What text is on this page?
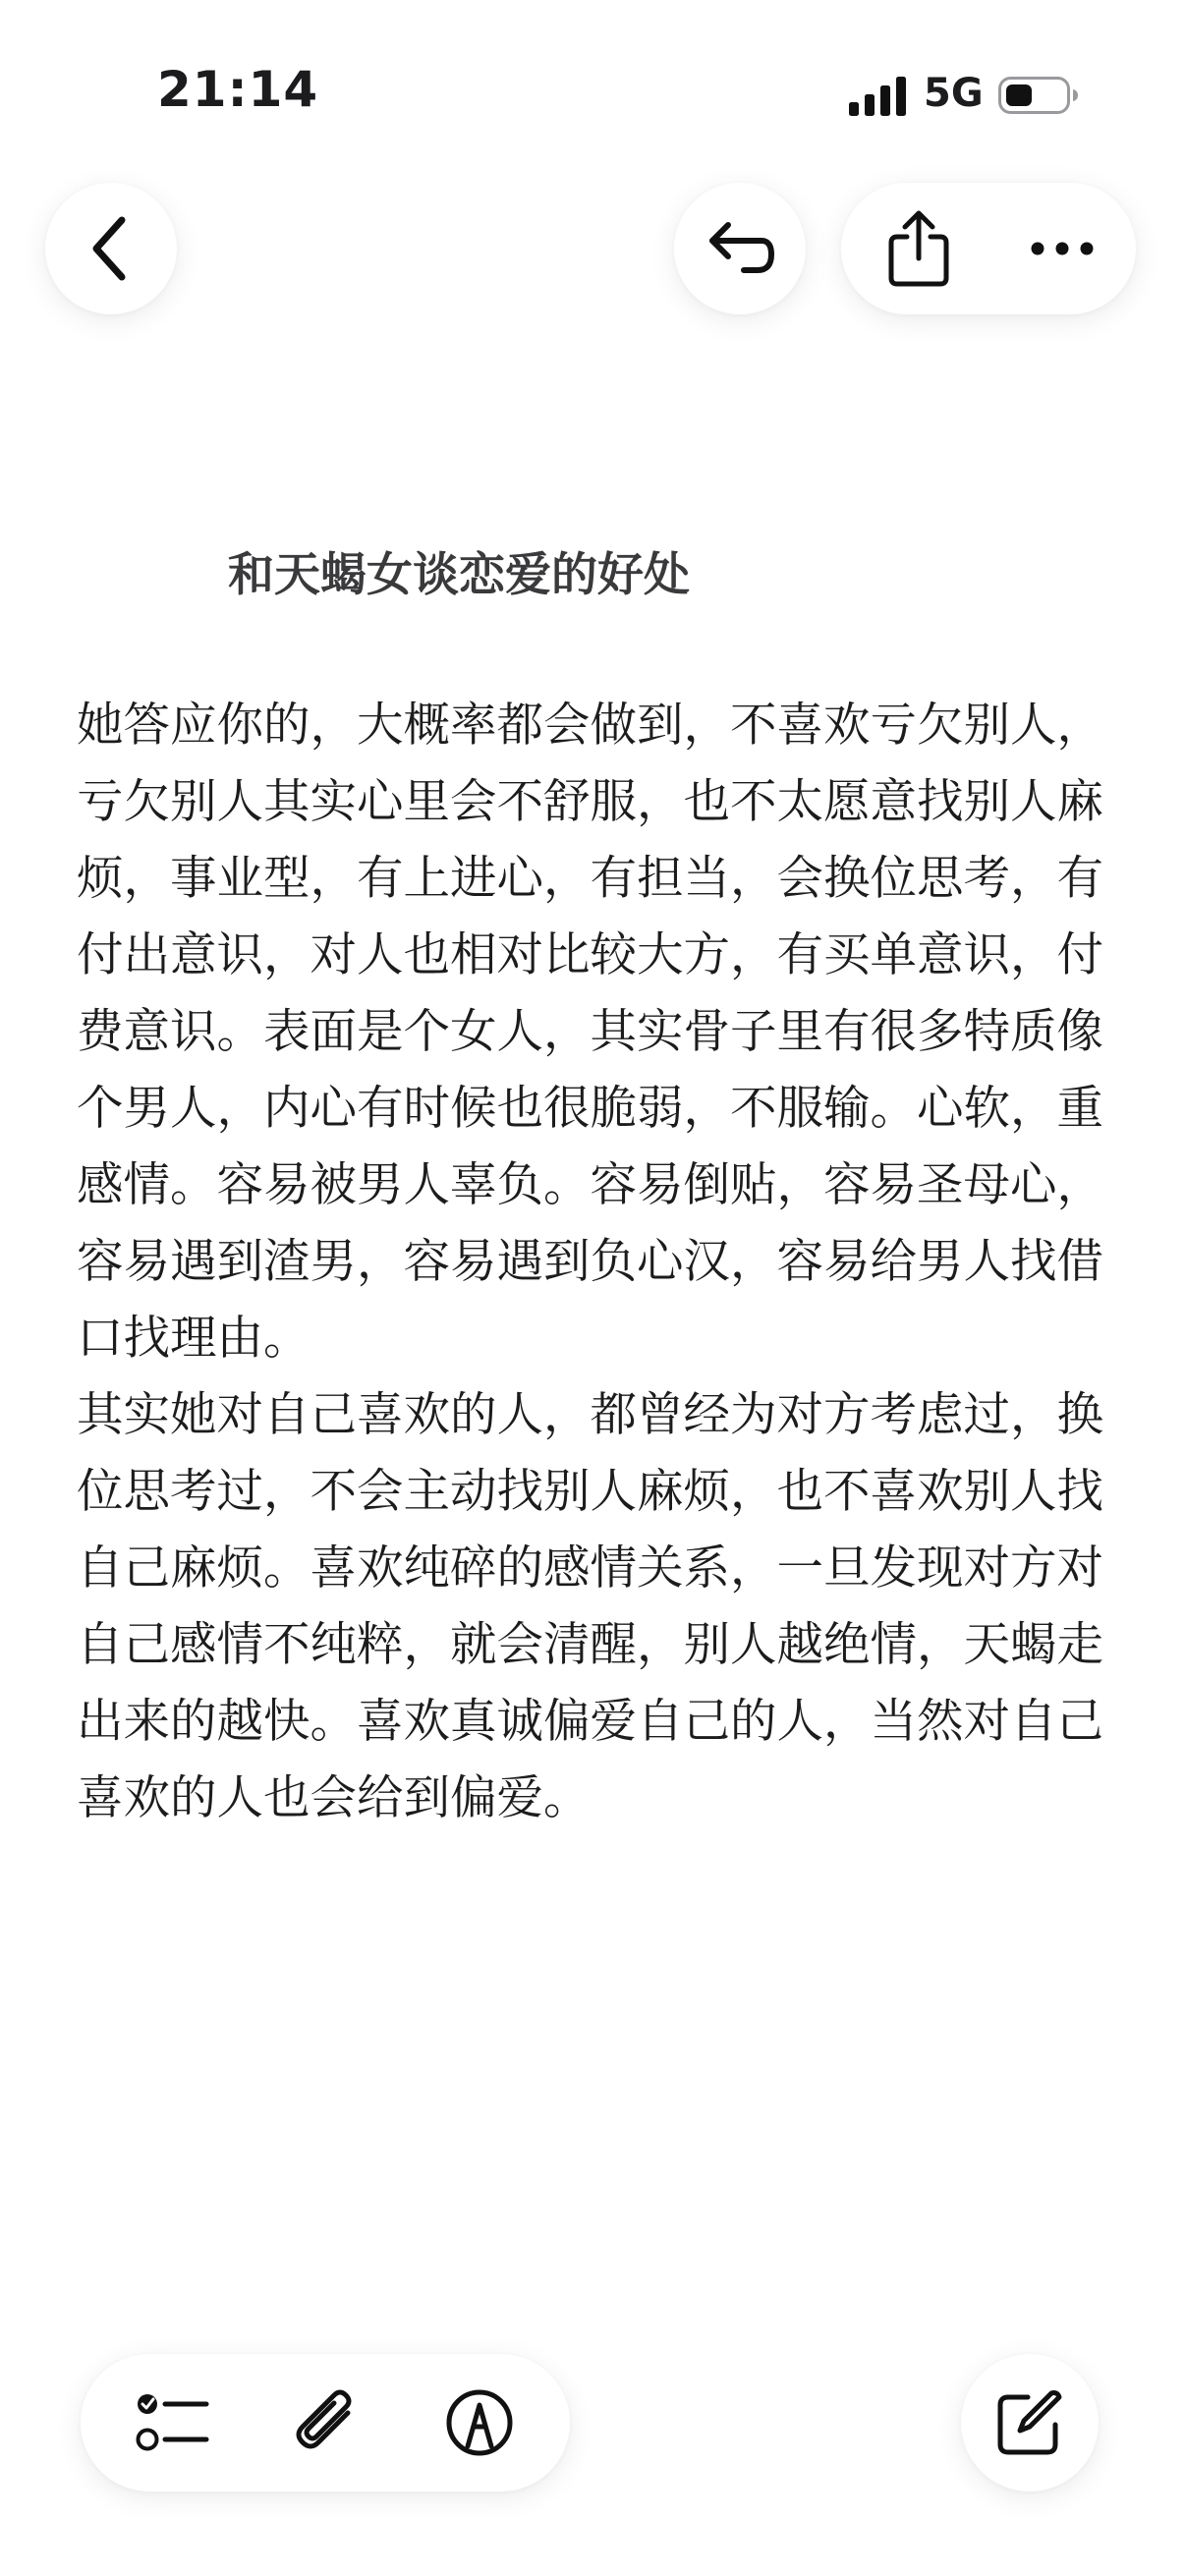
21:14	5G
和天蝎女谈恋爱的好处

她答应你的，大概率都会做到，不喜欢亏欠别人，亏欠别人其实心里会不舒服，也不太愿意找别人麻烦，事业型，有上进心，有担当，会换位思考，有付出意识，对人也相对比较大方，有买单意识，付费意识。表面是个女人，其实骨子里有很多特质像个男人，内心有时候也很脆弱，不服输。心软，重感情。容易被男人辜负。容易倒贴，容易圣母心，容易遇到渣男，容易遇到负心汉，容易给男人找借口找理由。

其实她对自己喜欢的人，都曾经为对方考虑过，换位思考过，不会主动找别人麻烦，也不喜欢别人找自己麻烦。喜欢纯碎的感情关系，一旦发现对方对自己感情不纯粹，就会清醒，别人越绝情，天蝎走出来的越快。喜欢真诚偏爱自己的人，当然对自己喜欢的人也会给到偏爱。
